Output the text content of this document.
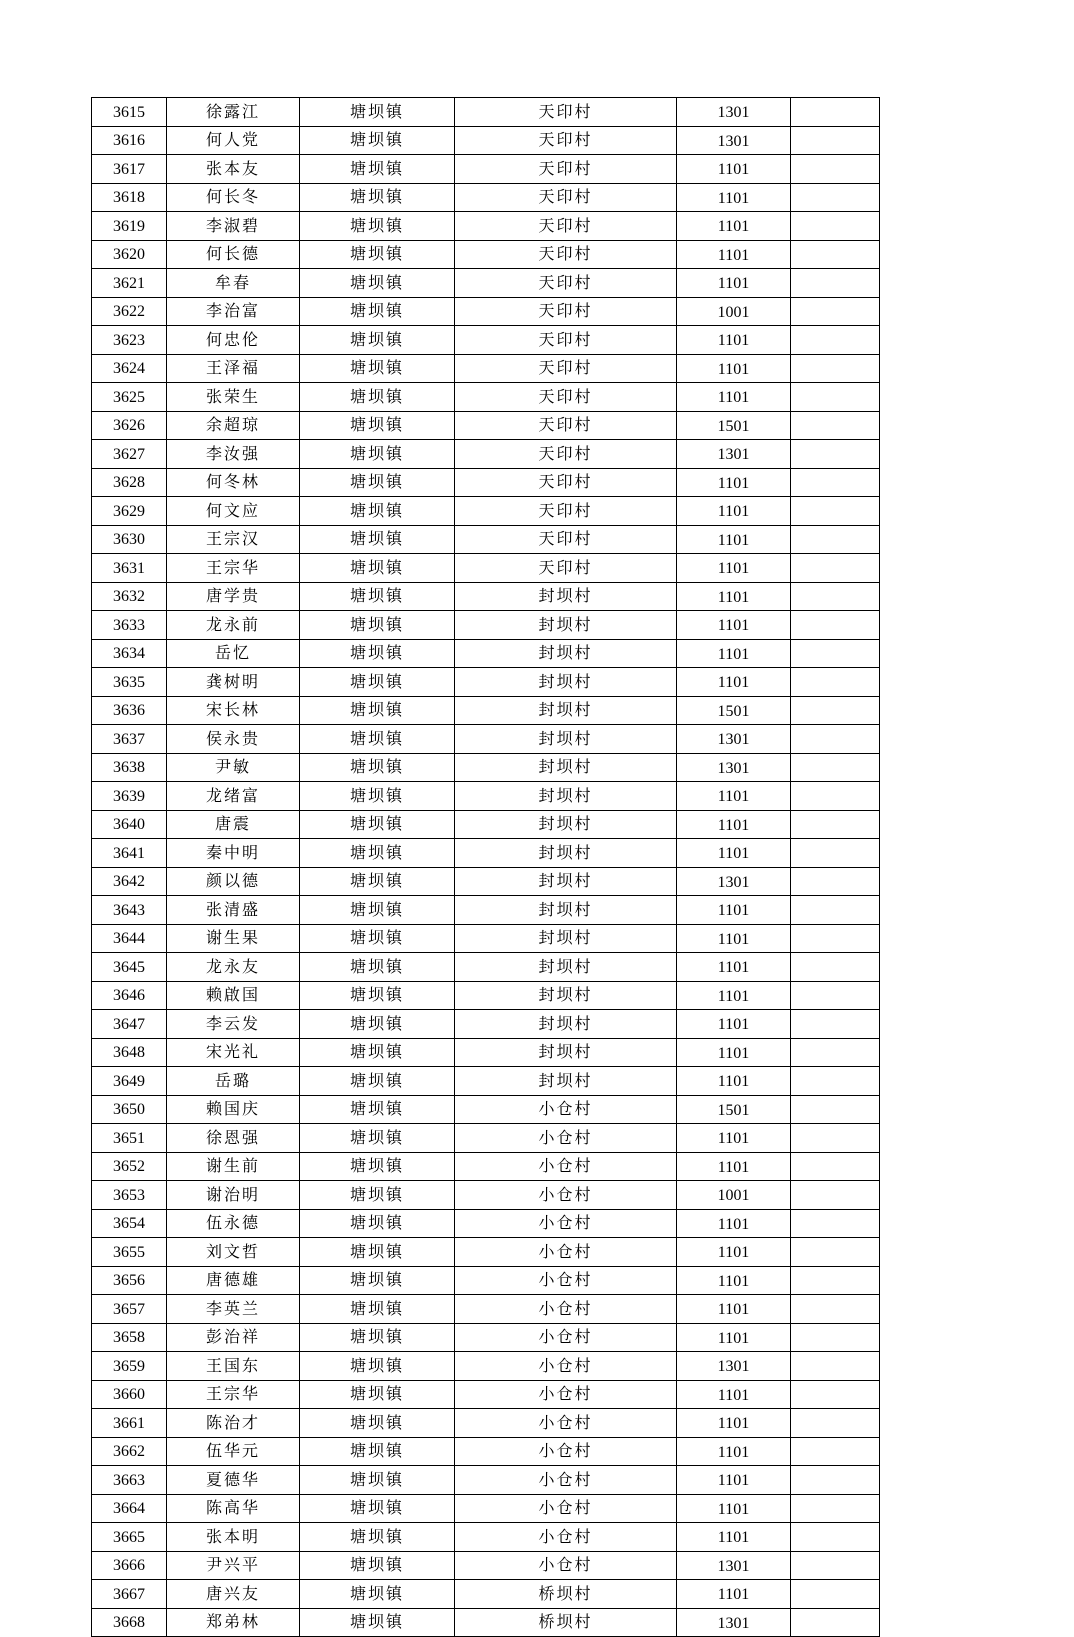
3615	徐露江	塘坝镇	天印村	1301	
3616	何人党	塘坝镇	天印村	1301	
3617	张本友	塘坝镇	天印村	1101	
3618	何长冬	塘坝镇	天印村	1101	
3619	李淑碧	塘坝镇	天印村	1101	
3620	何长德	塘坝镇	天印村	1101	
3621	牟春	塘坝镇	天印村	1101	
3622	李治富	塘坝镇	天印村	1001	
3623	何忠伦	塘坝镇	天印村	1101	
3624	王泽福	塘坝镇	天印村	1101	
3625	张荣生	塘坝镇	天印村	1101	
3626	余超琼	塘坝镇	天印村	1501	
3627	李汝强	塘坝镇	天印村	1301	
3628	何冬林	塘坝镇	天印村	1101	
3629	何文应	塘坝镇	天印村	1101	
3630	王宗汉	塘坝镇	天印村	1101	
3631	王宗华	塘坝镇	天印村	1101	
3632	唐学贵	塘坝镇	封坝村	1101	
3633	龙永前	塘坝镇	封坝村	1101	
3634	岳忆	塘坝镇	封坝村	1101	
3635	龚树明	塘坝镇	封坝村	1101	
3636	宋长林	塘坝镇	封坝村	1501	
3637	侯永贵	塘坝镇	封坝村	1301	
3638	尹敏	塘坝镇	封坝村	1301	
3639	龙绪富	塘坝镇	封坝村	1101	
3640	唐震	塘坝镇	封坝村	1101	
3641	秦中明	塘坝镇	封坝村	1101	
3642	颜以德	塘坝镇	封坝村	1301	
3643	张清盛	塘坝镇	封坝村	1101	
3644	谢生果	塘坝镇	封坝村	1101	
3645	龙永友	塘坝镇	封坝村	1101	
3646	赖啟国	塘坝镇	封坝村	1101	
3647	李云发	塘坝镇	封坝村	1101	
3648	宋光礼	塘坝镇	封坝村	1101	
3649	岳璐	塘坝镇	封坝村	1101	
3650	赖国庆	塘坝镇	小仓村	1501	
3651	徐恩强	塘坝镇	小仓村	1101	
3652	谢生前	塘坝镇	小仓村	1101	
3653	谢治明	塘坝镇	小仓村	1001	
3654	伍永德	塘坝镇	小仓村	1101	
3655	刘文哲	塘坝镇	小仓村	1101	
3656	唐德雄	塘坝镇	小仓村	1101	
3657	李英兰	塘坝镇	小仓村	1101	
3658	彭治祥	塘坝镇	小仓村	1101	
3659	王国东	塘坝镇	小仓村	1301	
3660	王宗华	塘坝镇	小仓村	1101	
3661	陈治才	塘坝镇	小仓村	1101	
3662	伍华元	塘坝镇	小仓村	1101	
3663	夏德华	塘坝镇	小仓村	1101	
3664	陈高华	塘坝镇	小仓村	1101	
3665	张本明	塘坝镇	小仓村	1101	
3666	尹兴平	塘坝镇	小仓村	1301	
3667	唐兴友	塘坝镇	桥坝村	1101	
3668	郑弟林	塘坝镇	桥坝村	1301	
